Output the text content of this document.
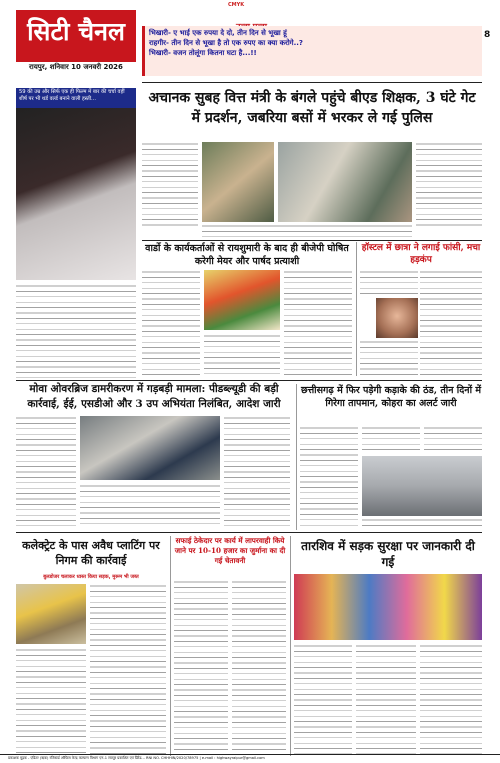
CMYK
सिटी चैनल
रायपुर, शनिवार 10 जनवरी 2026
भिखारी- ए भाई एक रुपया दे दो, तीन दिन से भूखा हूं
राहगीर- तीन दिन से भूखा है तो एक रुपए का क्या करोगे..?
भिखारी- वजन तोलूंगा कितना घटा है...!!
8
59 की उम्र और सिर्फ एक ही फिल्म में बार की चर्चा वहीं शीर्ष पर भी थर्ड वर्ल्ड बनाने वाली हस्ती...	अचानक सुबह वित्त मंत्री के बंगले पहुंचे बीएड शिक्षक, 3 घंटे गेट में प्रदर्शन, जबरिया बसों में भरकर ले गई पुलिस
वार्डो के कार्यकर्ताओं से रायशुमारी के बाद ही बीजेपी घोषित करेगी मेयर और पार्षद प्रत्याशी
हॉस्टल में छात्रा ने लगाई फांसी, मचा हड़कंप
मोवा ओवरब्रिज डामरीकरण में गड़बड़ी मामला: पीडब्ल्यूडी की बड़ी कार्रवाई, ईई, एसडीओ और 3 उप अभियंता निलंबित, आदेश जारी
छत्तीसगढ़ में फिर पड़ेगी कड़ाके की ठंड, तीन दिनों में गिरेगा तापमान, कोहरा का अलर्ट जारी
कलेक्ट्रेट के पास अवैध प्लाटिंग पर निगम की कार्रवाई
बुलडोजर चलाकर ध्वस्त किया सड़क, मुरूम भी जब्त
सफाई ठेकेदार पर कार्य में लापरवाही किये जाने पर 10-10 हजार का जुर्माना का दी गई चेतावनी
तारशिव में सड़क सुरक्षा पर जानकारी दी गई
प्रकाशक मुद्रक - एडिटर (ऋक) रजिस्टर्ड ऑफिस केन्द्र कल्याण विभाग एन-1 रायपुर प्रकाशित एवं प्रिंटेड... RNI NO. CHHHIN/2020/78975 | e-mail : highwayraipur@gmail.com
